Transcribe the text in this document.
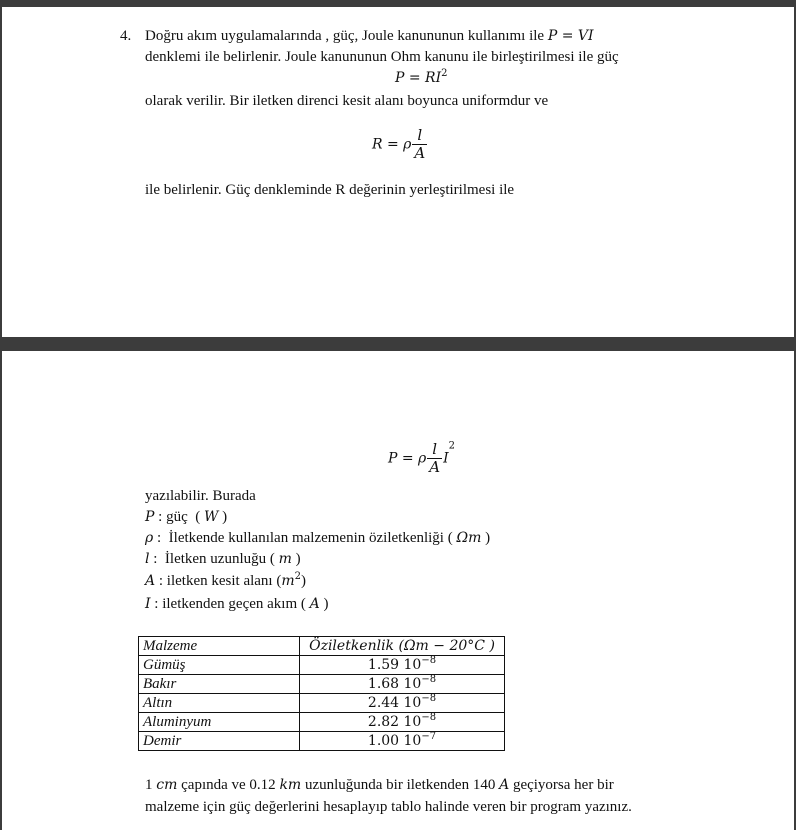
4. Doğru akım uygulamalarında , güç, Joule kanununun kullanımı ile P = VI
denklemi ile belirlenir. Joule kanununun Ohm kanunu ile birleştirilmesi ile güç
$P = RI^2$
olarak verilir. Bir iletken direnci kesit alanı boyunca uniformdur ve
R = ρ $\frac{l}{A}$
ile belirlenir. Güç denkleminde R değerinin yerleştirilmesi ile
P = ρ $\frac{l}{A} I^2$
yazılabilir. Burada
P : güç  ( W )
ρ :  İletkende kullanılan malzemenin öziletkenliği ( Ωm )
l :  İletken uzunluğu ( m )
A : iletken kesit alanı $(m^2)$
I : iletkenden geçen akım ( A )
Malzeme	Öziletkenlik (Ωm − 20°C )
Gümüş	1.59 $10^{-8}$
Bakır	1.68 $10^{-8}$
Altın	2.44 $10^{-8}$
Aluminyum	2.82 $10^{-8}$
Demir	1.00 $10^{-7}$
1 cm çapında ve 0.12 km uzunluğunda bir iletkenden 140 A geçiyorsa her bir
malzeme için güç değerlerini hesaplayıp tablo halinde veren bir program yazınız.
